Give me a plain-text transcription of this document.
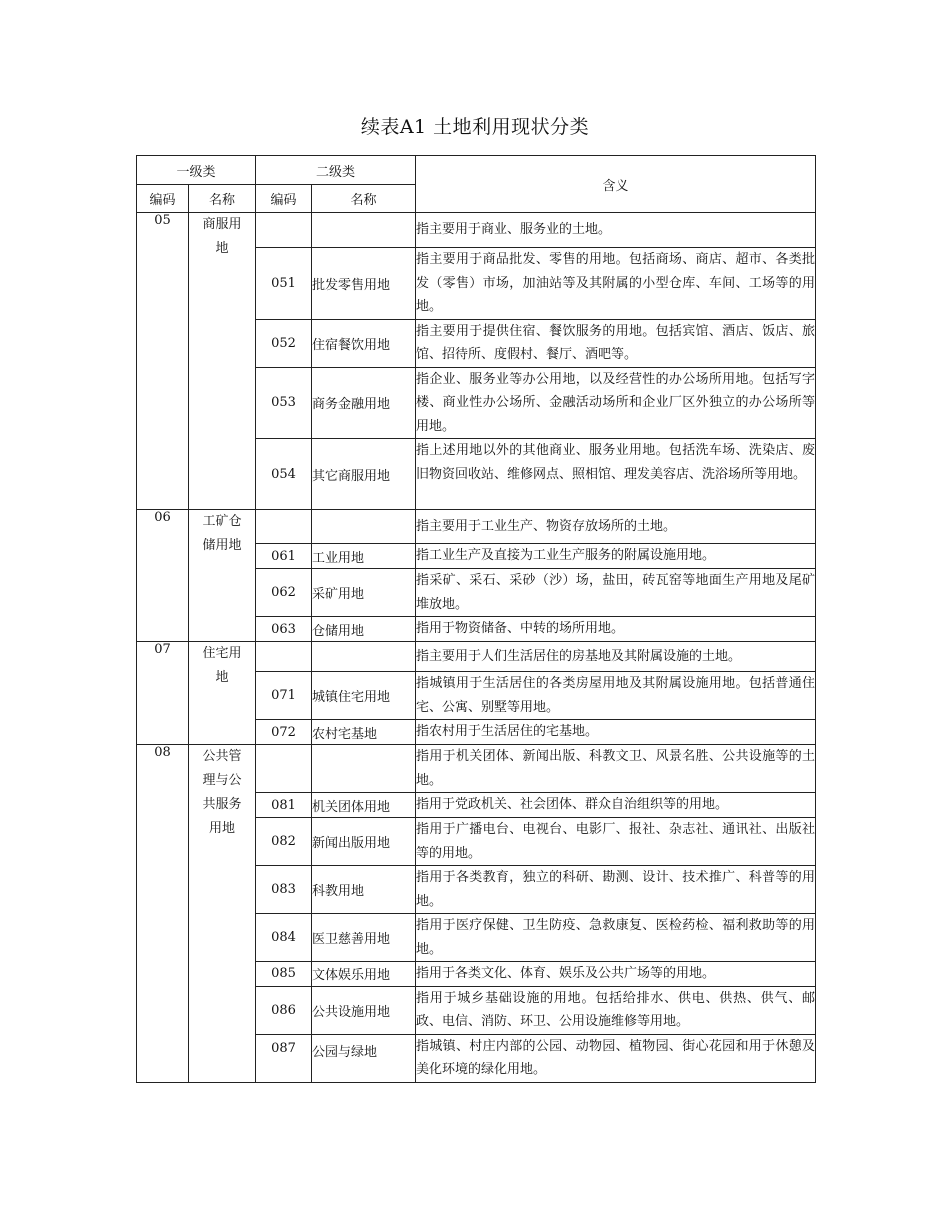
续表A1 土地利用现状分类
一级类		二级类		含义
编码	名称	编码	名称	
05	商服用地			指主要用于商业、服务业的土地。
		051	批发零售用地	指主要用于商品批发、零售的用地。包括商场、商店、超市、各类批发（零售）市场，加油站等及其附属的小型仓库、车间、工场等的用地。
		052	住宿餐饮用地	指主要用于提供住宿、餐饮服务的用地。包括宾馆、酒店、饭店、旅馆、招待所、度假村、餐厅、酒吧等。
		053	商务金融用地	指企业、服务业等办公用地，以及经营性的办公场所用地。包括写字楼、商业性办公场所、金融活动场所和企业厂区外独立的办公场所等用地。
		054	其它商服用地	指上述用地以外的其他商业、服务业用地。包括洗车场、洗染店、废旧物资回收站、维修网点、照相馆、理发美容店、洗浴场所等用地。
06	工矿仓储用地			指主要用于工业生产、物资存放场所的土地。
		061	工业用地	指工业生产及直接为工业生产服务的附属设施用地。
		062	采矿用地	指采矿、采石、采砂（沙）场，盐田，砖瓦窑等地面生产用地及尾矿堆放地。
		063	仓储用地	指用于物资储备、中转的场所用地。
07	住宅用地			指主要用于人们生活居住的房基地及其附属设施的土地。
		071	城镇住宅用地	指城镇用于生活居住的各类房屋用地及其附属设施用地。包括普通住宅、公寓、别墅等用地。
		072	农村宅基地	指农村用于生活居住的宅基地。
08	公共管理与公共服务用地			指用于机关团体、新闻出版、科教文卫、风景名胜、公共设施等的土地。
		081	机关团体用地	指用于党政机关、社会团体、群众自治组织等的用地。
		082	新闻出版用地	指用于广播电台、电视台、电影厂、报社、杂志社、通讯社、出版社等的用地。
		083	科教用地	指用于各类教育，独立的科研、勘测、设计、技术推广、科普等的用地。
		084	医卫慈善用地	指用于医疗保健、卫生防疫、急救康复、医检药检、福利救助等的用地。
		085	文体娱乐用地	指用于各类文化、体育、娱乐及公共广场等的用地。
		086	公共设施用地	指用于城乡基础设施的用地。包括给排水、供电、供热、供气、邮政、电信、消防、环卫、公用设施维修等用地。
		087	公园与绿地	指城镇、村庄内部的公园、动物园、植物园、街心花园和用于休憩及美化环境的绿化用地。
